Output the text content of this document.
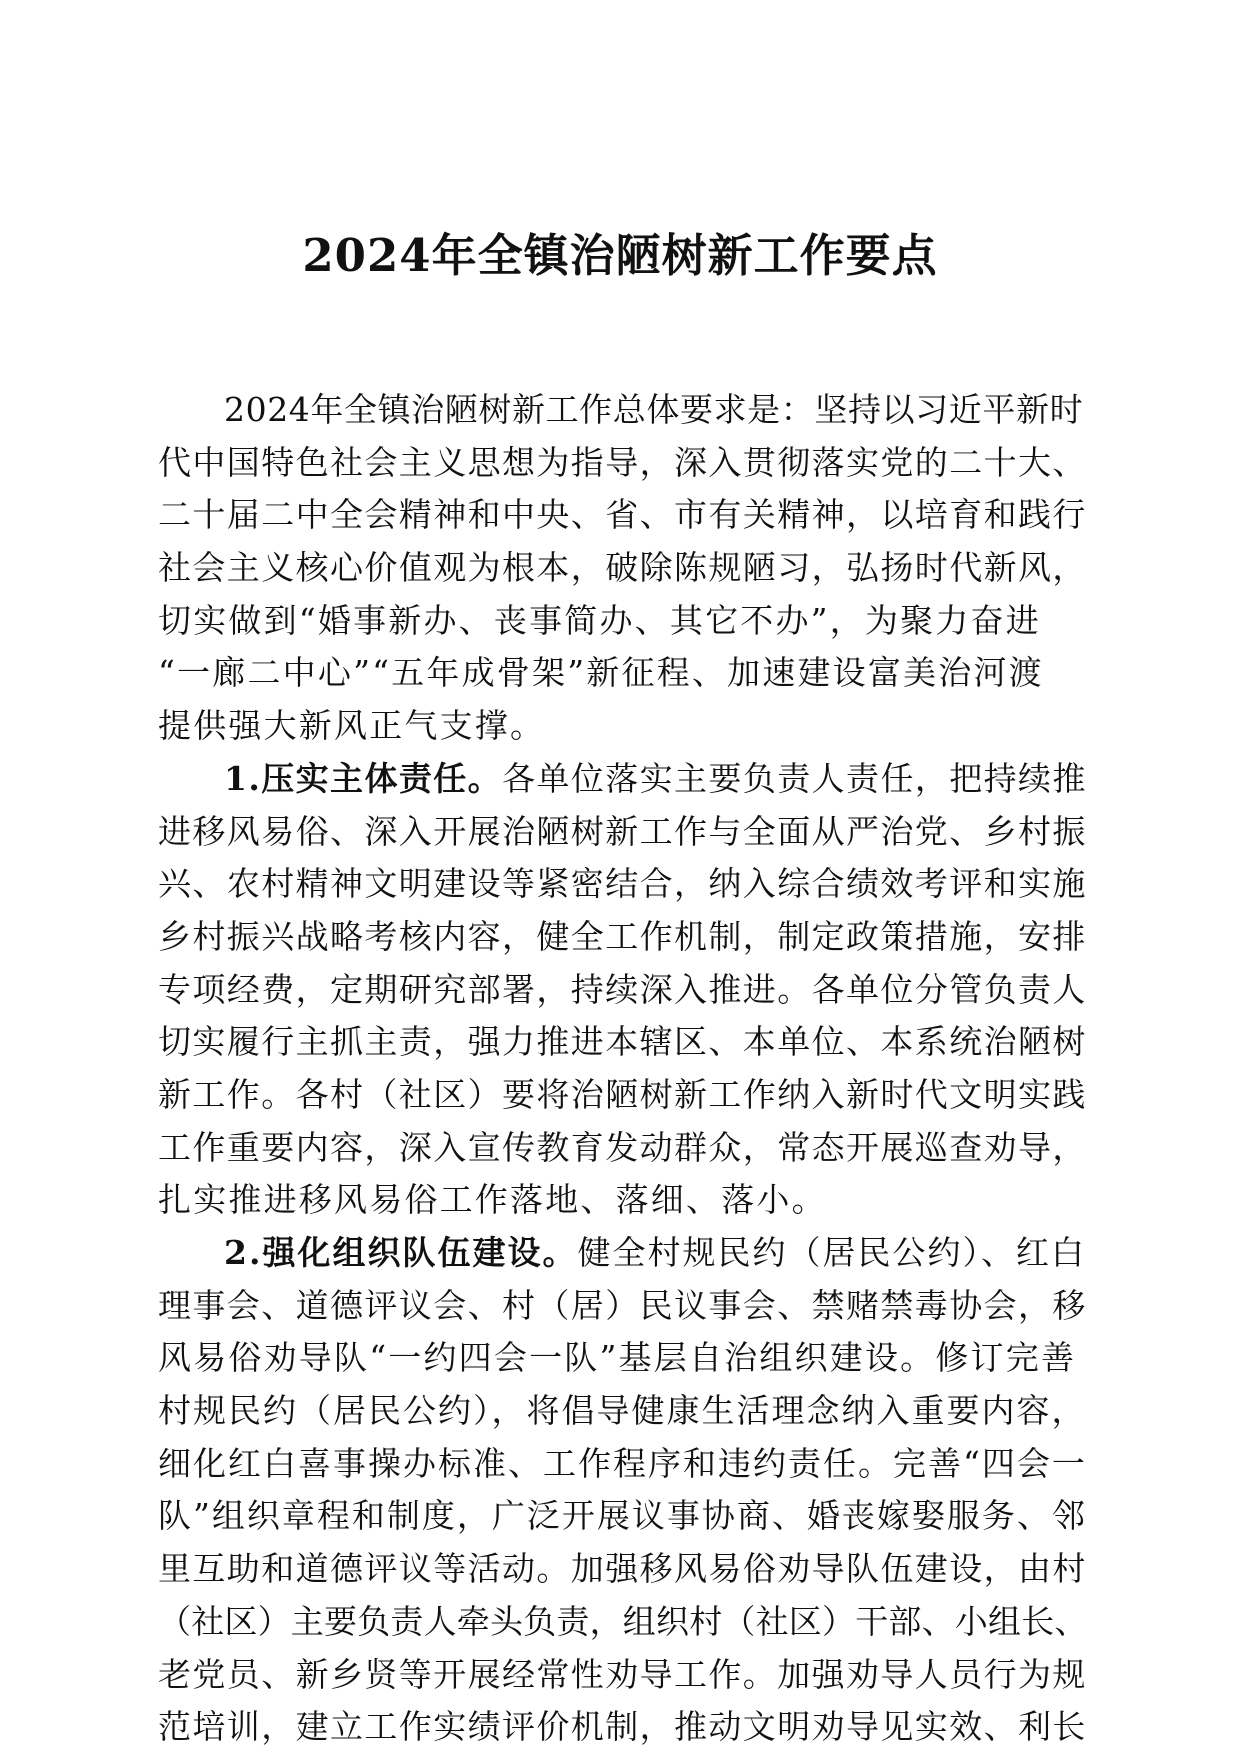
2024年全镇治陋树新工作要点
2024年全镇治陋树新工作总体要求是：坚持以习近平新时
代中国特色社会主义思想为指导，深入贯彻落实党的二十大、
二十届二中全会精神和中央、省、市有关精神，以培育和践行
社会主义核心价值观为根本，破除陈规陋习，弘扬时代新风，
切实做到“婚事新办、丧事简办、其它不办”，为聚力奋进
“一廊二中心”“五年成骨架”新征程、加速建设富美治河渡
提供强大新风正气支撑。
1.压实主体责任。各单位落实主要负责人责任，把持续推
进移风易俗、深入开展治陋树新工作与全面从严治党、乡村振
兴、农村精神文明建设等紧密结合，纳入综合绩效考评和实施
乡村振兴战略考核内容，健全工作机制，制定政策措施，安排
专项经费，定期研究部署，持续深入推进。各单位分管负责人
切实履行主抓主责，强力推进本辖区、本单位、本系统治陋树
新工作。各村（社区）要将治陋树新工作纳入新时代文明实践
工作重要内容，深入宣传教育发动群众，常态开展巡查劝导，
扎实推进移风易俗工作落地、落细、落小。
2.强化组织队伍建设。健全村规民约（居民公约）、红白
理事会、道德评议会、村（居）民议事会、禁赌禁毒协会，移
风易俗劝导队“一约四会一队”基层自治组织建设。修订完善
村规民约（居民公约），将倡导健康生活理念纳入重要内容，
细化红白喜事操办标准、工作程序和违约责任。完善“四会一
队”组织章程和制度，广泛开展议事协商、婚丧嫁娶服务、邻
里互助和道德评议等活动。加强移风易俗劝导队伍建设，由村
（社区）主要负责人牵头负责，组织村（社区）干部、小组长、
老党员、新乡贤等开展经常性劝导工作。加强劝导人员行为规
范培训，建立工作实绩评价机制，推动文明劝导见实效、利长
